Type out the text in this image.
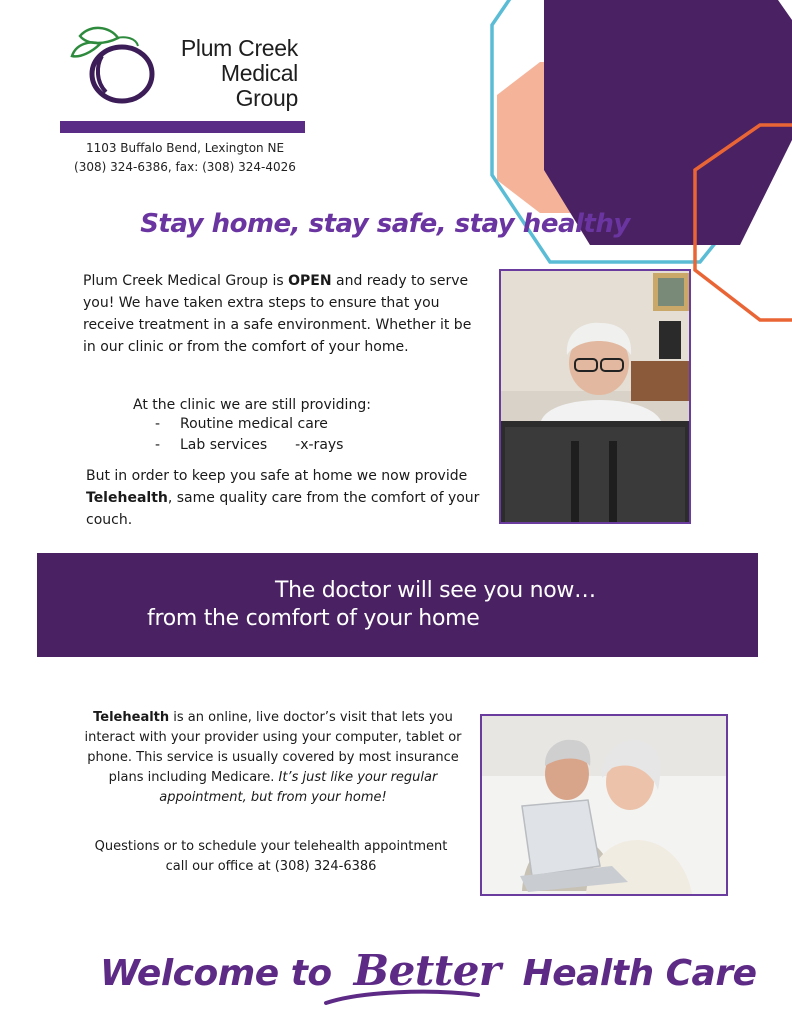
Plum Creek
Medical
Group
1103 Buffalo Bend, Lexington NE
(308) 324-6386, fax: (308) 324-4026
Stay home, stay safe, stay healthy
Plum Creek Medical Group is OPEN and ready to serve you! We have taken extra steps to ensure that you receive treatment in a safe environment. Whether it be in our clinic or from the comfort of your home.
At the clinic we are still providing:
- Routine medical care
- Lab services -x-rays
But in order to keep you safe at home we now provide Telehealth, same quality care from the comfort of your couch.
The doctor will see you now…
from the comfort of your home
Telehealth is an online, live doctor’s visit that lets you interact with your provider using your computer, tablet or phone. This service is usually covered by most insurance plans including Medicare. It’s just like your regular appointment, but from your home!
Questions or to schedule your telehealth appointment
call our office at (308) 324-6386
Welcome to Better Health Care
